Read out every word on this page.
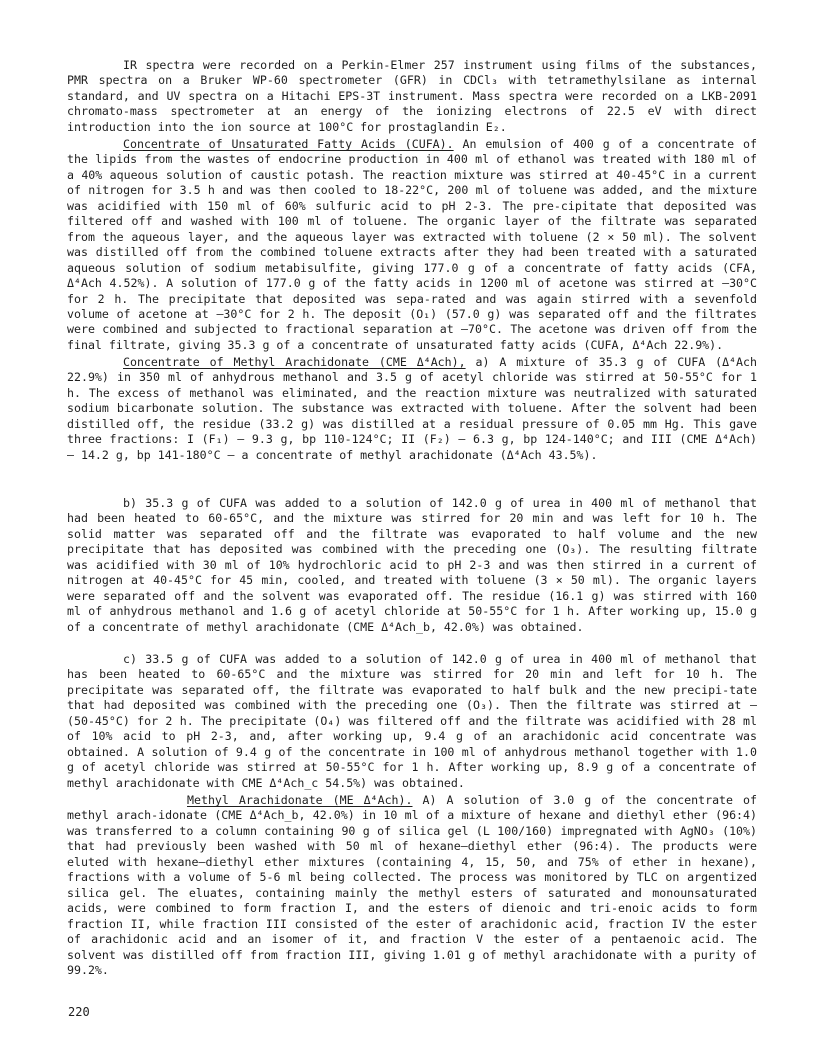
IR spectra were recorded on a Perkin-Elmer 257 instrument using films of the substances, PMR spectra on a Bruker WP-60 spectrometer (GFR) in CDCl₃ with tetramethylsilane as internal standard, and UV spectra on a Hitachi EPS-3T instrument. Mass spectra were recorded on a LKB-2091 chromato-mass spectrometer at an energy of the ionizing electrons of 22.5 eV with direct introduction into the ion source at 100°C for prostaglandin E₂.

Concentrate of Unsaturated Fatty Acids (CUFA). An emulsion of 400 g of a concentrate of the lipids from the wastes of endocrine production in 400 ml of ethanol was treated with 180 ml of a 40% aqueous solution of caustic potash. The reaction mixture was stirred at 40-45°C in a current of nitrogen for 3.5 h and was then cooled to 18-22°C, 200 ml of toluene was added, and the mixture was acidified with 150 ml of 60% sulfuric acid to pH 2-3. The pre-cipitate that deposited was filtered off and washed with 100 ml of toluene. The organic layer of the filtrate was separated from the aqueous layer, and the aqueous layer was extracted with toluene (2 × 50 ml). The solvent was distilled off from the combined toluene extracts after they had been treated with a saturated aqueous solution of sodium metabisulfite, giving 177.0 g of a concentrate of fatty acids (CFA, Δ⁴Ach 4.52%). A solution of 177.0 g of the fatty acids in 1200 ml of acetone was stirred at —30°C for 2 h. The precipitate that deposited was sepa-rated and was again stirred with a sevenfold volume of acetone at —30°C for 2 h. The deposit (O₁) (57.0 g) was separated off and the filtrates were combined and subjected to fractional separation at —70°C. The acetone was driven off from the final filtrate, giving 35.3 g of a concentrate of unsaturated fatty acids (CUFA, Δ⁴Ach 22.9%).

Concentrate of Methyl Arachidonate (CME Δ⁴Ach), a) A mixture of 35.3 g of CUFA (Δ⁴Ach 22.9%) in 350 ml of anhydrous methanol and 3.5 g of acetyl chloride was stirred at 50-55°C for 1 h. The excess of methanol was eliminated, and the reaction mixture was neutralized with saturated sodium bicarbonate solution. The substance was extracted with toluene. After the solvent had been distilled off, the residue (33.2 g) was distilled at a residual pressure of 0.05 mm Hg. This gave three fractions: I (F₁) — 9.3 g, bp 110-124°C; II (F₂) — 6.3 g, bp 124-140°C; and III (CME Δ⁴Ach) — 14.2 g, bp 141-180°C — a concentrate of methyl arachidonate (Δ⁴Ach 43.5%).

b) 35.3 g of CUFA was added to a solution of 142.0 g of urea in 400 ml of methanol that had been heated to 60-65°C, and the mixture was stirred for 20 min and was left for 10 h. The solid matter was separated off and the filtrate was evaporated to half volume and the new precipitate that has deposited was combined with the preceding one (O₃). The resulting filtrate was acidified with 30 ml of 10% hydrochloric acid to pH 2-3 and was then stirred in a current of nitrogen at 40-45°C for 45 min, cooled, and treated with toluene (3 × 50 ml). The organic layers were separated off and the solvent was evaporated off. The residue (16.1 g) was stirred with 160 ml of anhydrous methanol and 1.6 g of acetyl chloride at 50-55°C for 1 h. After working up, 15.0 g of a concentrate of methyl arachidonate (CME Δ⁴Ach_b, 42.0%) was obtained.

c) 33.5 g of CUFA was added to a solution of 142.0 g of urea in 400 ml of methanol that has been heated to 60-65°C and the mixture was stirred for 20 min and left for 10 h. The precipitate was separated off, the filtrate was evaporated to half bulk and the new precipi-tate that had deposited was combined with the preceding one (O₃). Then the filtrate was stirred at —(50-45°C) for 2 h. The precipitate (O₄) was filtered off and the filtrate was acidified with 28 ml of 10% acid to pH 2-3, and, after working up, 9.4 g of an arachidonic acid concentrate was obtained. A solution of 9.4 g of the concentrate in 100 ml of anhydrous methanol together with 1.0 g of acetyl chloride was stirred at 50-55°C for 1 h. After working up, 8.9 g of a concentrate of methyl arachidonate with CME Δ⁴Ach_c 54.5%) was obtained.

Methyl Arachidonate (ME Δ⁴Ach). A) A solution of 3.0 g of the concentrate of methyl arach-idonate (CME Δ⁴Ach_b, 42.0%) in 10 ml of a mixture of hexane and diethyl ether (96:4) was transferred to a column containing 90 g of silica gel (L 100/160) impregnated with AgNO₃ (10%) that had previously been washed with 50 ml of hexane—diethyl ether (96:4). The products were eluted with hexane—diethyl ether mixtures (containing 4, 15, 50, and 75% of ether in hexane), fractions with a volume of 5-6 ml being collected. The process was monitored by TLC on argentized silica gel. The eluates, containing mainly the methyl esters of saturated and monounsaturated acids, were combined to form fraction I, and the esters of dienoic and tri-enoic acids to form fraction II, while fraction III consisted of the ester of arachidonic acid, fraction IV the ester of arachidonic acid and an isomer of it, and fraction V the ester of a pentaenoic acid. The solvent was distilled off from fraction III, giving 1.01 g of methyl arachidonate with a purity of 99.2%.

220
